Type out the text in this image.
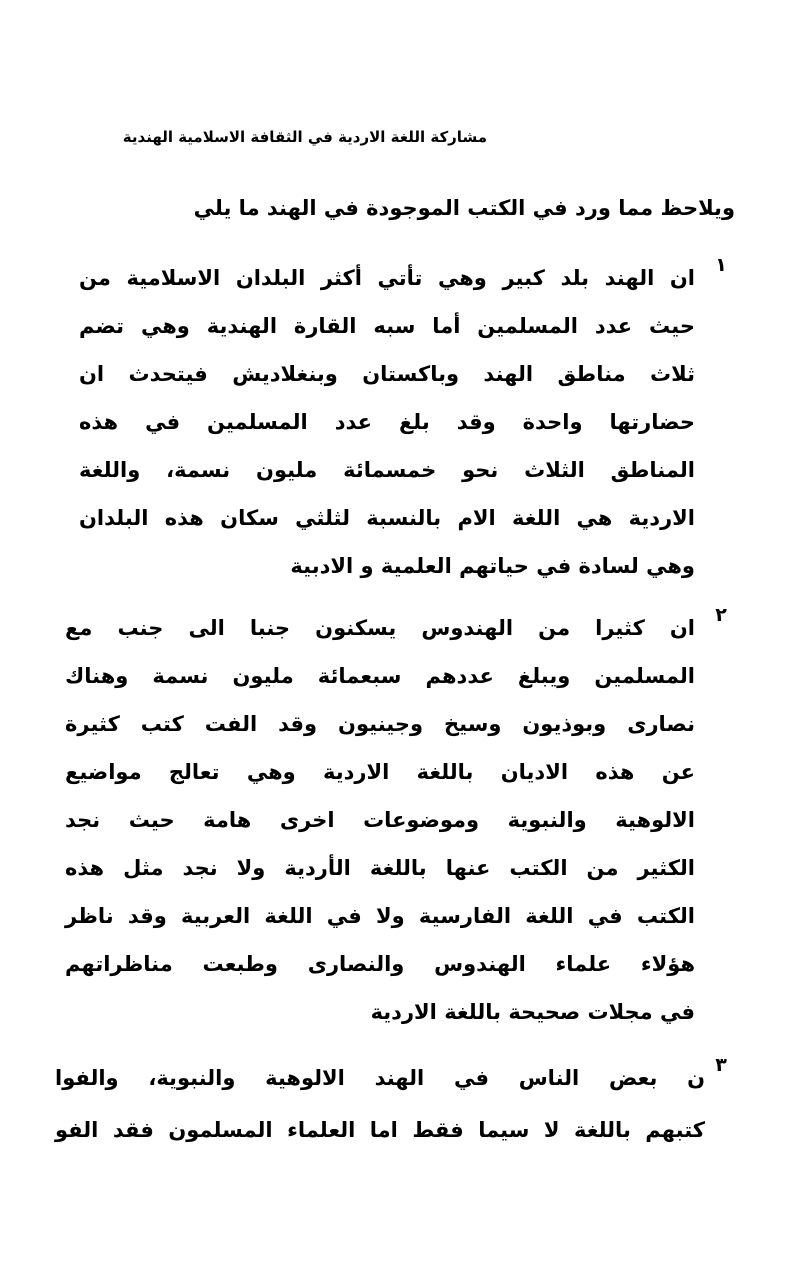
مشاركة اللغة الاردية في الثقافة الاسلامية الهندية
ويلاحظ مما ورد في الكتب الموجودة في الهند ما يلي
١
ان الهند بلد كبير وهي تأتي أكثر البلدان الاسلامية من
حيث عدد المسلمين أما سبه القارة الهندية وهي تضم
ثلاث مناطق الهند وباكستان وبنغلاديش فيتحدث ان
حضارتها واحدة وقد بلغ عدد المسلمين في هذه
المناطق الثلاث نحو خمسمائة مليون نسمة، واللغة
الاردية هي اللغة الام بالنسبة لثلثي سكان هذه البلدان
وهي لسادة في حياتهم العلمية و الادبية
٢
ان كثيرا من الهندوس يسكنون جنبا الى جنب مع
المسلمين ويبلغ عددهم سبعمائة مليون نسمة وهناك
نصارى وبوذيون وسيخ وجينيون وقد الفت كتب كثيرة
عن هذه الاديان باللغة الاردية وهي تعالج مواضيع
الالوهية والنبوية وموضوعات اخرى هامة حيث نجد
الكثير من الكتب عنها باللغة الأردية ولا نجد مثل هذه
الكتب في اللغة الفارسية ولا في اللغة العربية وقد ناظر
هؤلاء علماء الهندوس والنصارى وطبعت مناظراتهم
في مجلات صحيحة باللغة الاردية
٣
ن بعض الناس في الهند الالوهية والنبوية، والفوا
كتبهم باللغة لا سيما فقط اما العلماء المسلمون فقد الفو
